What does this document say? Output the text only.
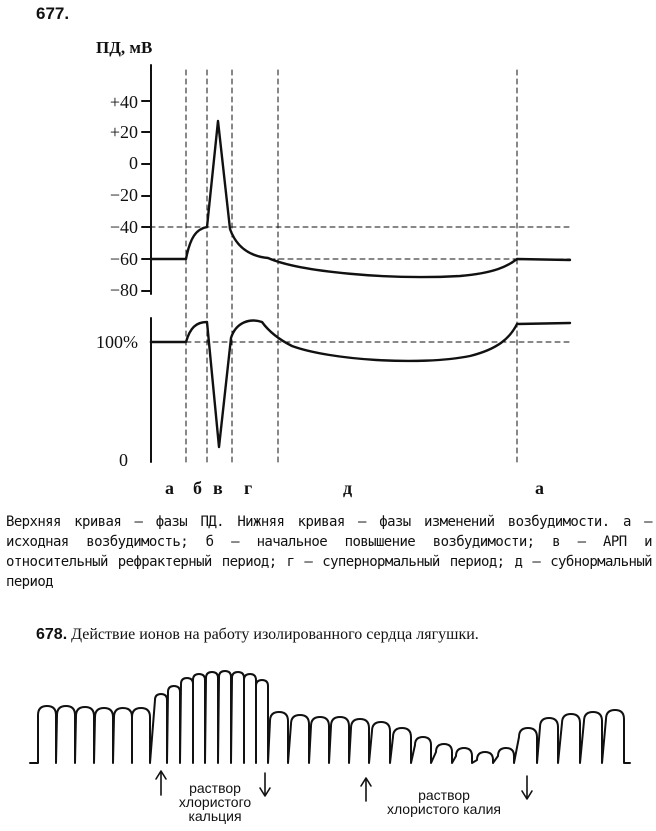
677.
ПД, мВ
+40
+20
0
−20
−40
−60
−80
100%
0
а б в г	д	а
Верхняя кривая — фазы ПД. Нижняя кривая — фазы изменений возбудимости. а — исходная возбудимость; б — начальное повышение возбудимости; в — АРП и относительный рефрактерный период; г — супернормальный период; д — субнормальный период
678. Действие ионов на работу изолированного сердца лягушки.
раствор
хлористого
кальция
раствор
хлористого калия
